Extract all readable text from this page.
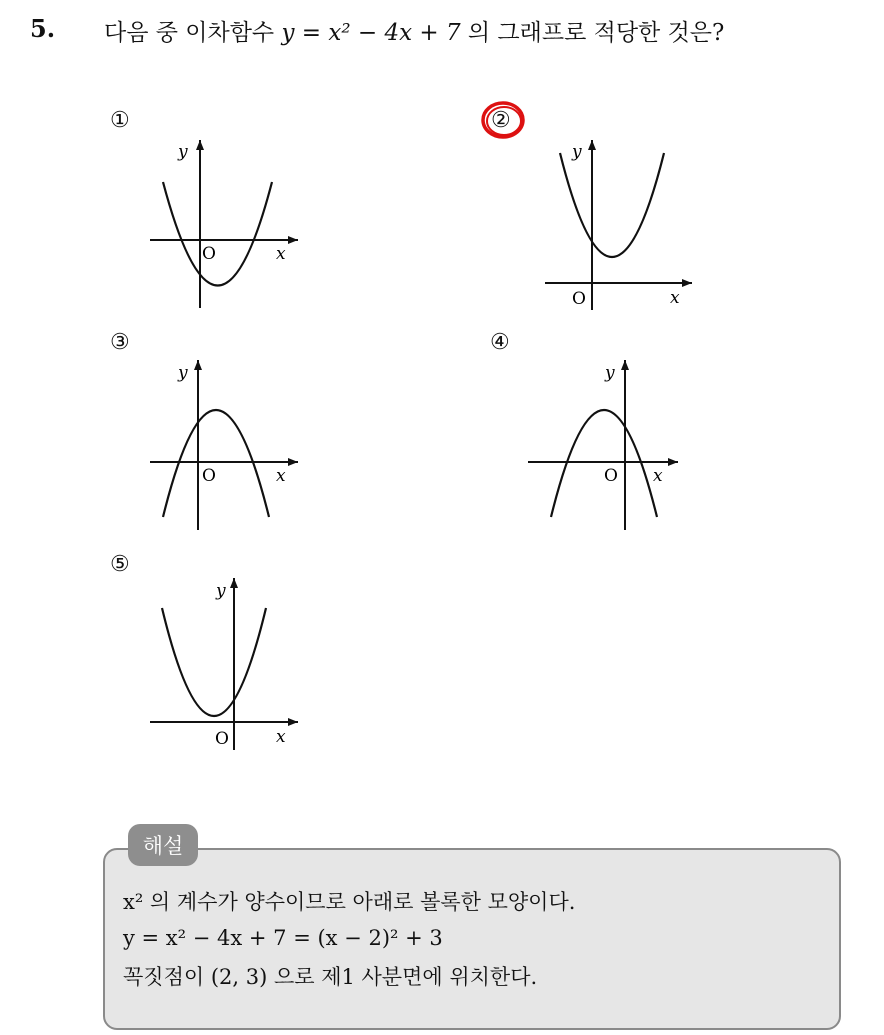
5. 다음 중 이차함수 y = x² − 4x + 7 의 그래프로 적당한 것은?
①
y
x
O
②
y
x
O
③
y
x
O
④
y
x
O
⑤
y
x
O
해설
x² 의 계수가 양수이므로 아래로 볼록한 모양이다.
y = x² − 4x + 7 = (x − 2)² + 3
꼭짓점이 (2, 3) 으로 제1 사분면에 위치한다.
